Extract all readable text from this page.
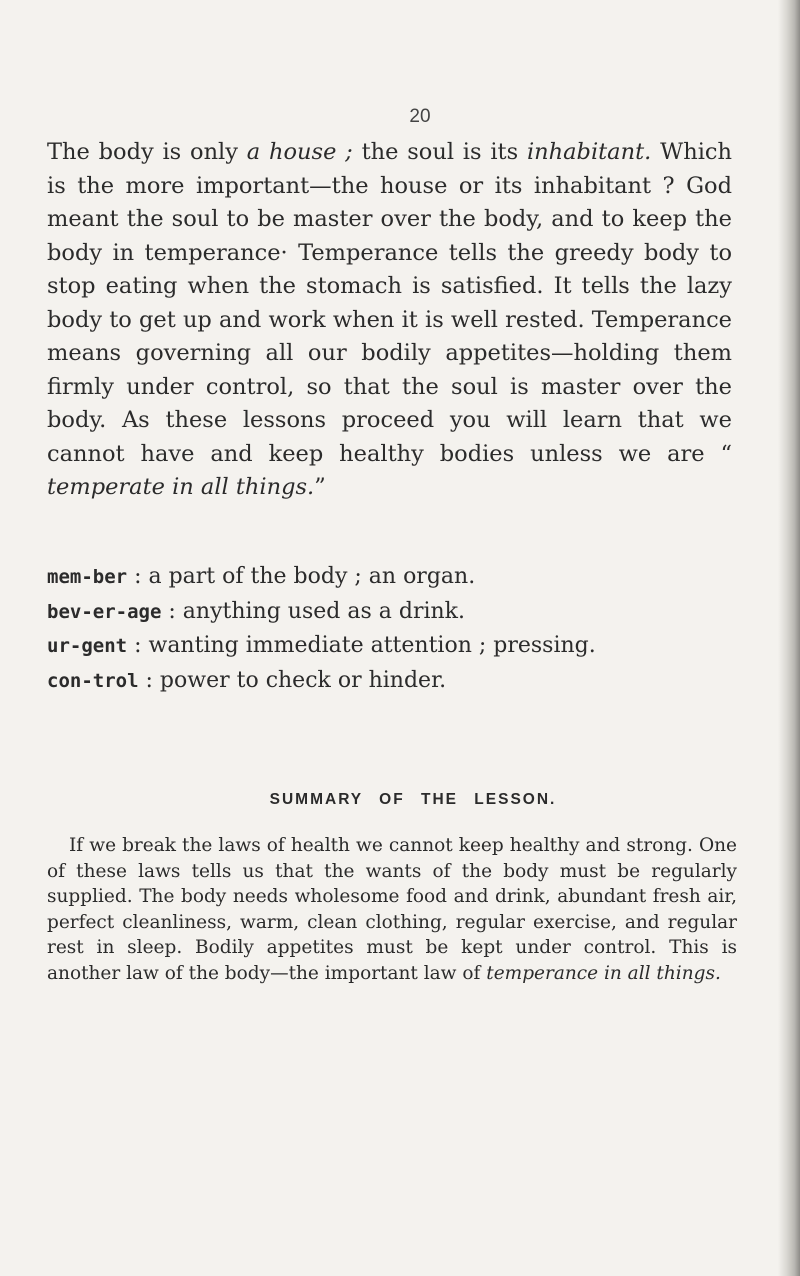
20

The body is only a house ; the soul is its inhabitant. Which is the more important—the house or its inhabitant ? God meant the soul to be master over the body, and to keep the body in temperance· Temperance tells the greedy body to stop eating when the stomach is satisfied. It tells the lazy body to get up and work when it is well rested. Temperance means governing all our bodily appetites—holding them firmly under control, so that the soul is master over the body. As these lessons proceed you will learn that we cannot have and keep healthy bodies unless we are “ temperate in all things.”

mem-ber : a part of the body ; an organ.
bev-er-age : anything used as a drink.
ur-gent : wanting immediate attention ; pressing.
con-trol : power to check or hinder.
SUMMARY OF THE LESSON.

If we break the laws of health we cannot keep healthy and strong. One of these laws tells us that the wants of the body must be regularly supplied. The body needs wholesome food and drink, abundant fresh air, perfect cleanliness, warm, clean clothing, regular exercise, and regular rest in sleep. Bodily appetites must be kept under control. This is another law of the body—the important law of temperance in all things.
